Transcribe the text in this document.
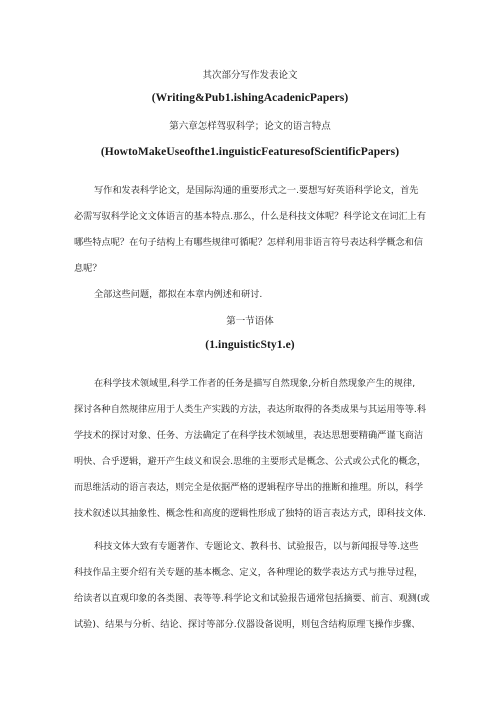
其次部分写作发表论文
(Writing&Pub1.ishingAcadenicPapers)
第六章怎样驾驭科学；论文的语言特点
(HowtoMakeUseofthe1.inguisticFeaturesofScientificPapers)
写作和发表科学论文，是国际沟通的重要形式之一.要想写好英语科学论文，首先
必需写驭科学论文文体语言的基本特点.那么，什么是科技文体呢？科学论文在词汇上有
哪些特点呢？在句子结构上有哪些规律可循呢？怎样利用非语言符号表达科学概念和信
息呢？
全部这些问题，都拟在本章内例述和研讨.
第一节语体
(1.inguisticSty1.e)
在科学技术领域里,科学工作者的任务是描写自然现象,分析自然现象产生的规律,
探讨各种自然规律应用于人类生产实践的方法，表达所取得的各类成果与其运用等等.科
学技术的探讨对象、任务、方法确定了在科学技术领域里，表达思想要精确严谨飞商洁
明快、合乎逻辑，避开产生歧义和误会.思维的主要形式是概念、公式或公式化的概念，
而思维活动的语言表达，则完全是依据严格的逻辑程序导出的推断和推理。所以，科学
技术叙述以其抽象性、概念性和高度的逻辑性形成了独特的语言表达方式，即科技文体.
科技文体大致有专题著作、专题论文、教科书、试验报告，以与新闻报导等.这些
科技作品主要介绍有关专题的基本概念、定义，各种理论的数学表达方式与推导过程，
给读者以直观印象的各类图、表等等.科学论文和试验报告通常包括摘要、前言、观测(或
试验)、结果与分析、结论、探讨等部分.仪器设备说明，则包含结构原理飞操作步骤、
